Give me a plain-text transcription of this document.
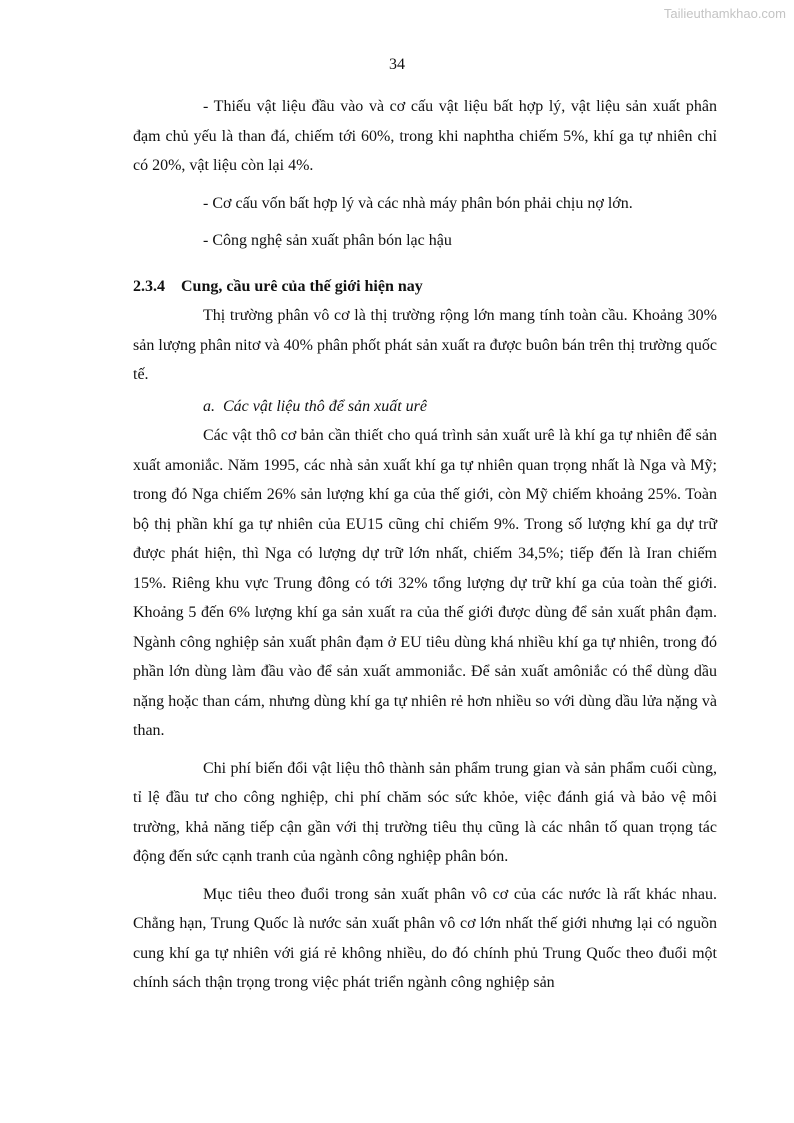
Tailieuthamkhao.com
34

- Thiếu vật liệu đầu vào và cơ cấu vật liệu bất hợp lý, vật liệu sản xuất phân đạm chủ yếu là than đá, chiếm tới 60%, trong khi naphtha chiếm 5%, khí ga tự nhiên chỉ có 20%, vật liệu còn lại 4%.

- Cơ cấu vốn bất hợp lý và các nhà máy phân bón phải chịu nợ lớn.

- Công nghệ sản xuất phân bón lạc hậu

2.3.4 Cung, cầu urê của thế giới hiện nay

Thị trường phân vô cơ là thị trường rộng lớn mang tính toàn cầu. Khoảng 30% sản lượng phân nitơ và 40% phân phốt phát sản xuất ra được buôn bán trên thị trường quốc tế.

a. Các vật liệu thô để sản xuất urê

Các vật thô cơ bản cần thiết cho quá trình sản xuất urê là khí ga tự nhiên để sản xuất amoniắc. Năm 1995, các nhà sản xuất khí ga tự nhiên quan trọng nhất là Nga và Mỹ; trong đó Nga chiếm 26% sản lượng khí ga của thế giới, còn Mỹ chiếm khoảng 25%. Toàn bộ thị phần khí ga tự nhiên của EU15 cũng chỉ chiếm 9%. Trong số lượng khí ga dự trữ được phát hiện, thì Nga có lượng dự trữ lớn nhất, chiếm 34,5%; tiếp đến là Iran chiếm 15%. Riêng khu vực Trung đông có tới 32% tổng lượng dự trữ khí ga của toàn thế giới. Khoảng 5 đến 6% lượng khí ga sản xuất ra của thế giới được dùng để sản xuất phân đạm. Ngành công nghiệp sản xuất phân đạm ở EU tiêu dùng khá nhiều khí ga tự nhiên, trong đó phần lớn dùng làm đầu vào để sản xuất ammoniắc. Để sản xuất amôniắc có thể dùng dầu nặng hoặc than cám, nhưng dùng khí ga tự nhiên rẻ hơn nhiều so với dùng dầu lửa nặng và than.

Chi phí biến đổi vật liệu thô thành sản phẩm trung gian và sản phẩm cuối cùng, tỉ lệ đầu tư cho công nghiệp, chi phí chăm sóc sức khỏe, việc đánh giá và bảo vệ môi trường, khả năng tiếp cận gần với thị trường tiêu thụ cũng là các nhân tố quan trọng tác động đến sức cạnh tranh của ngành công nghiệp phân bón.

Mục tiêu theo đuổi trong sản xuất phân vô cơ của các nước là rất khác nhau. Chẳng hạn, Trung Quốc là nước sản xuất phân vô cơ lớn nhất thế giới nhưng lại có nguồn cung khí ga tự nhiên với giá rẻ không nhiều, do đó chính phủ Trung Quốc theo đuổi một chính sách thận trọng trong việc phát triển ngành công nghiệp sản
